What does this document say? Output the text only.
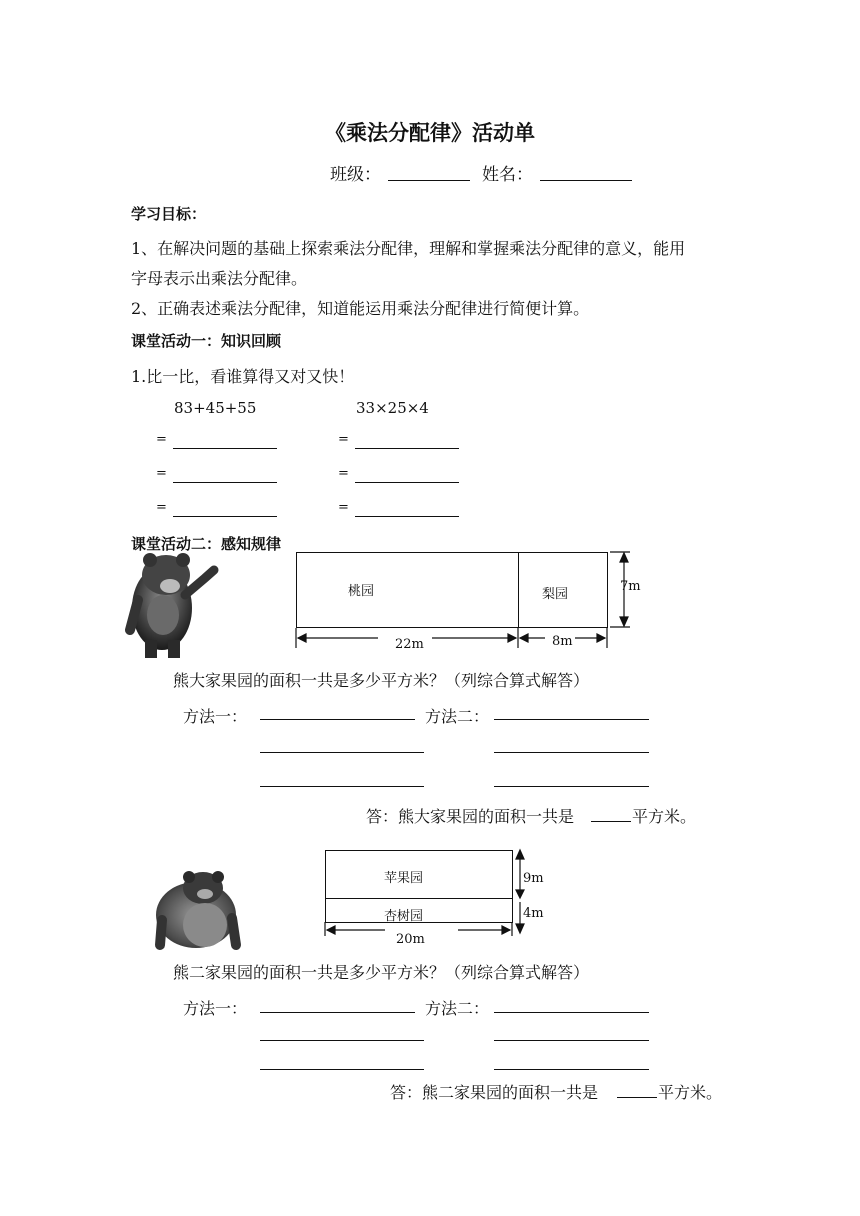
《乘法分配律》活动单
班级：	姓名：
学习目标：
1、在解决问题的基础上探索乘法分配律，理解和掌握乘法分配律的意义，能用
字母表示出乘法分配律。
2、正确表述乘法分配律，知道能运用乘法分配律进行简便计算。
课堂活动一：知识回顾
1.比一比，看谁算得又对又快！
83+45+55	33×25×4
=	=
=	=
=	=
课堂活动二：感知规律
桃园	梨园
7m
22m	8m
熊大家果园的面积一共是多少平方米？（列综合算式解答）
方法一：	方法二：
答：熊大家果园的面积一共是	平方米。
苹果园
杏树园
9m
4m
20m
熊二家果园的面积一共是多少平方米？（列综合算式解答）
方法一：	方法二：
答：熊二家果园的面积一共是	平方米。
